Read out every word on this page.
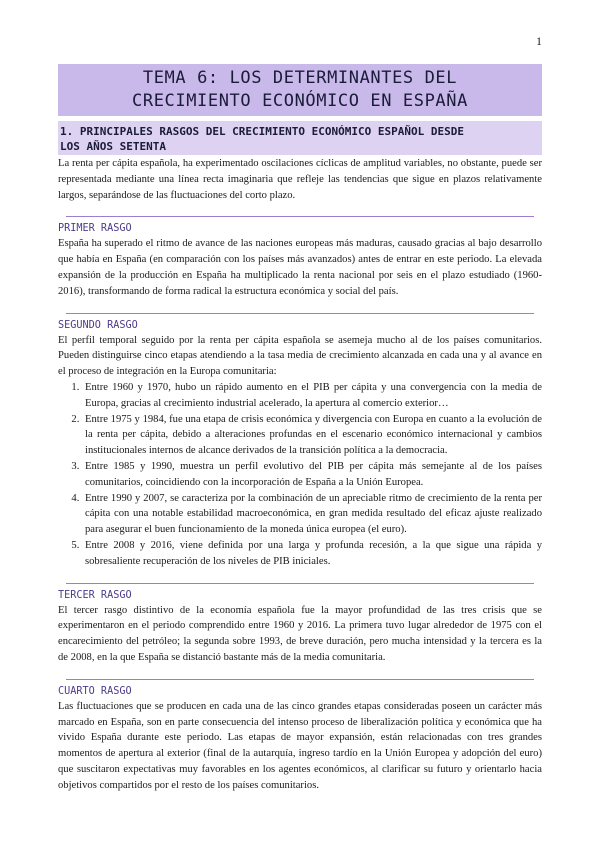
1
TEMA 6: LOS DETERMINANTES DEL
CRECIMIENTO ECONÓMICO EN ESPAÑA
1. PRINCIPALES RASGOS DEL CRECIMIENTO ECONÓMICO ESPAÑOL DESDE
LOS AÑOS SETENTA

La renta per cápita española, ha experimentado oscilaciones cíclicas de amplitud variables, no obstante, puede ser representada mediante una línea recta imaginaria que refleje las tendencias que sigue en plazos relativamente largos, separándose de las fluctuaciones del corto plazo.

PRIMER RASGO

España ha superado el ritmo de avance de las naciones europeas más maduras, causado gracias al bajo desarrollo que había en España (en comparación con los países más avanzados) antes de entrar en este periodo. La elevada expansión de la producción en España ha multiplicado la renta nacional por seis en el plazo estudiado (1960-2016), transformando de forma radical la estructura económica y social del país.

SEGUNDO RASGO

El perfil temporal seguido por la renta per cápita española se asemeja mucho al de los países comunitarios. Pueden distinguirse cinco etapas atendiendo a la tasa media de crecimiento alcanzada en cada una y al avance en el proceso de integración en la Europa comunitaria:

1. Entre 1960 y 1970, hubo un rápido aumento en el PIB per cápita y una convergencia con la media de Europa, gracias al crecimiento industrial acelerado, la apertura al comercio exterior…
2. Entre 1975 y 1984, fue una etapa de crisis económica y divergencia con Europa en cuanto a la evolución de la renta per cápita, debido a alteraciones profundas en el escenario económico internacional y cambios institucionales internos de alcance derivados de la transición política a la democracia.
3. Entre 1985 y 1990, muestra un perfil evolutivo del PIB per cápita más semejante al de los países comunitarios, coincidiendo con la incorporación de España a la Unión Europea.
4. Entre 1990 y 2007, se caracteriza por la combinación de un apreciable ritmo de crecimiento de la renta per cápita con una notable estabilidad macroeconómica, en gran medida resultado del eficaz ajuste realizado para asegurar el buen funcionamiento de la moneda única europea (el euro).
5. Entre 2008 y 2016, viene definida por una larga y profunda recesión, a la que sigue una rápida y sobresaliente recuperación de los niveles de PIB iniciales.
TERCER RASGO

El tercer rasgo distintivo de la economía española fue la mayor profundidad de las tres crisis que se experimentaron en el periodo comprendido entre 1960 y 2016. La primera tuvo lugar alrededor de 1975 con el encarecimiento del petróleo; la segunda sobre 1993, de breve duración, pero mucha intensidad y la tercera es la de 2008, en la que España se distanció bastante más de la media comunitaria.

CUARTO RASGO

Las fluctuaciones que se producen en cada una de las cinco grandes etapas consideradas poseen un carácter más marcado en España, son en parte consecuencia del intenso proceso de liberalización política y económica que ha vivido España durante este periodo. Las etapas de mayor expansión, están relacionadas con tres grandes momentos de apertura al exterior (final de la autarquía, ingreso tardío en la Unión Europea y adopción del euro) que suscitaron expectativas muy favorables en los agentes económicos, al clarificar su futuro y orientarlo hacia objetivos compartidos por el resto de los países comunitarios.
